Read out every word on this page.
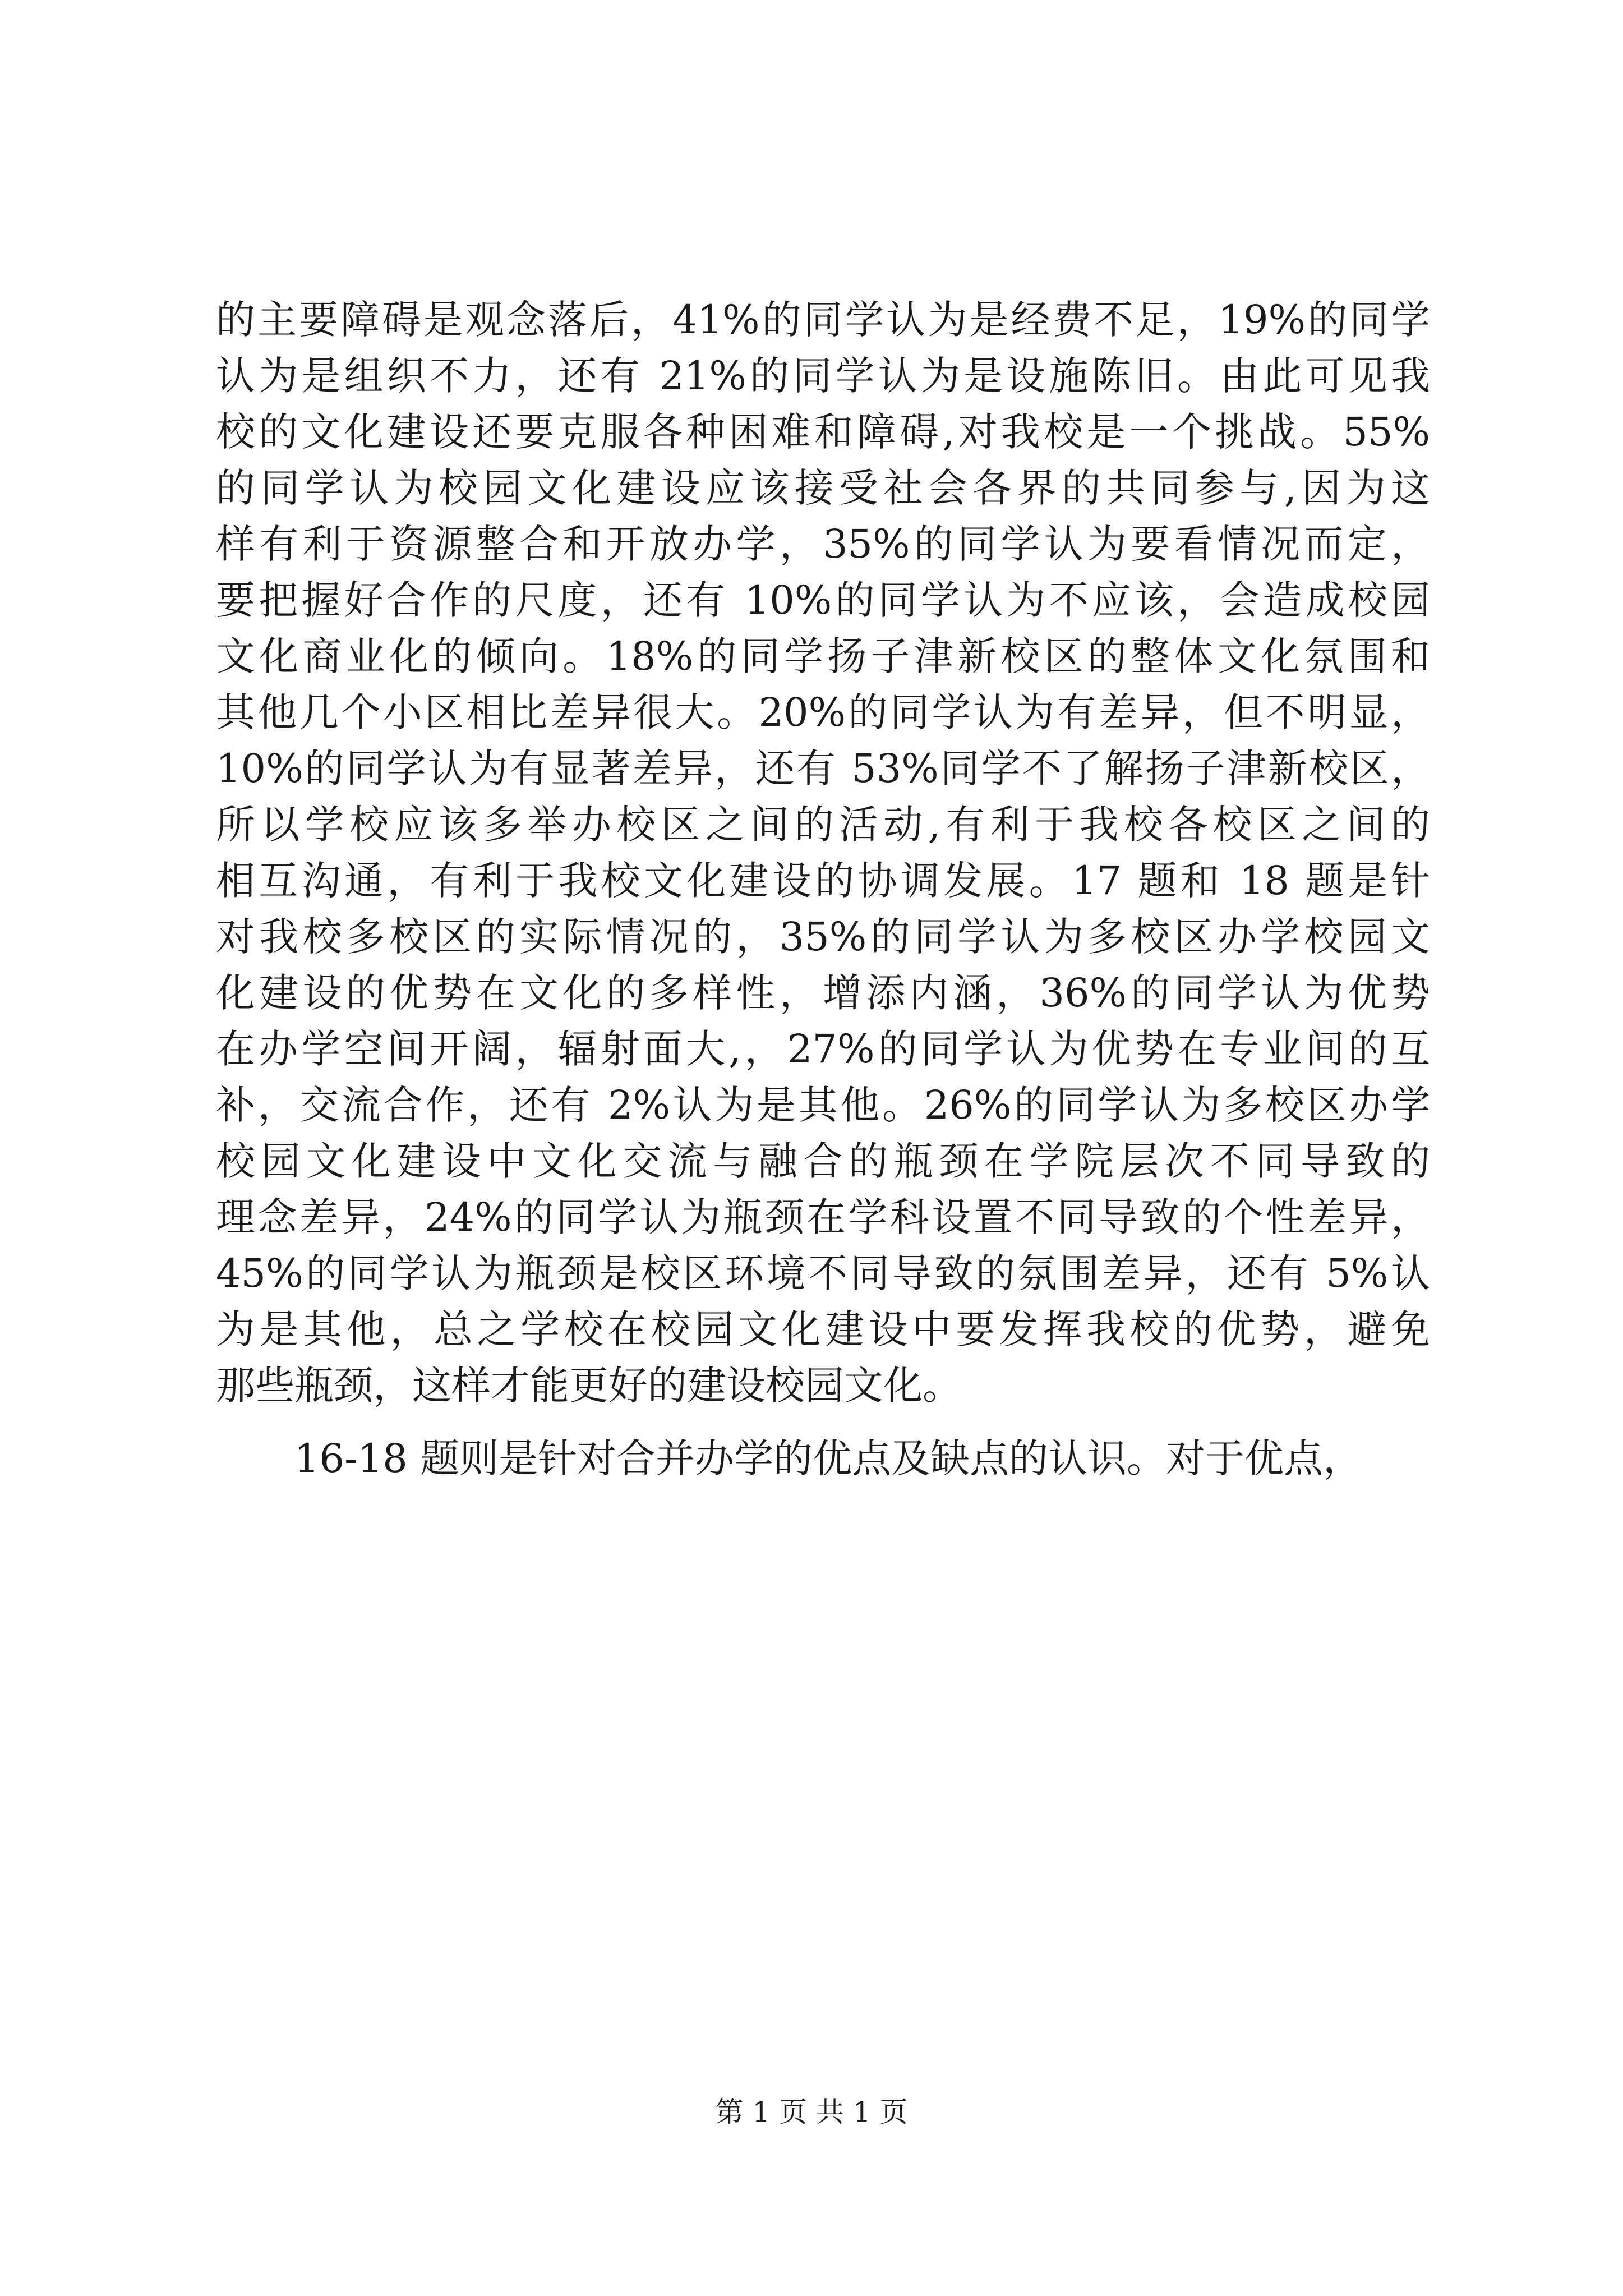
的主要障碍是观念落后，41%的同学认为是经费不足，19%的同学
认为是组织不力，还有 21%的同学认为是设施陈旧。由此可见我
校的文化建设还要克服各种困难和障碍,对我校是一个挑战。55%
的同学认为校园文化建设应该接受社会各界的共同参与,因为这
样有利于资源整合和开放办学，35%的同学认为要看情况而定，
要把握好合作的尺度，还有 10%的同学认为不应该，会造成校园
文化商业化的倾向。18%的同学扬子津新校区的整体文化氛围和
其他几个小区相比差异很大。20%的同学认为有差异，但不明显，
10%的同学认为有显著差异，还有 53%同学不了解扬子津新校区，
所以学校应该多举办校区之间的活动,有利于我校各校区之间的
相互沟通，有利于我校文化建设的协调发展。17 题和 18 题是针
对我校多校区的实际情况的，35%的同学认为多校区办学校园文
化建设的优势在文化的多样性，增添内涵，36%的同学认为优势
在办学空间开阔，辐射面大,，27%的同学认为优势在专业间的互
补，交流合作，还有 2%认为是其他。26%的同学认为多校区办学
校园文化建设中文化交流与融合的瓶颈在学院层次不同导致的
理念差异，24%的同学认为瓶颈在学科设置不同导致的个性差异，
45%的同学认为瓶颈是校区环境不同导致的氛围差异，还有 5%认
为是其他，总之学校在校园文化建设中要发挥我校的优势，避免
那些瓶颈，这样才能更好的建设校园文化。
16-18 题则是针对合并办学的优点及缺点的认识。对于优点，
第 1 页 共 1 页
